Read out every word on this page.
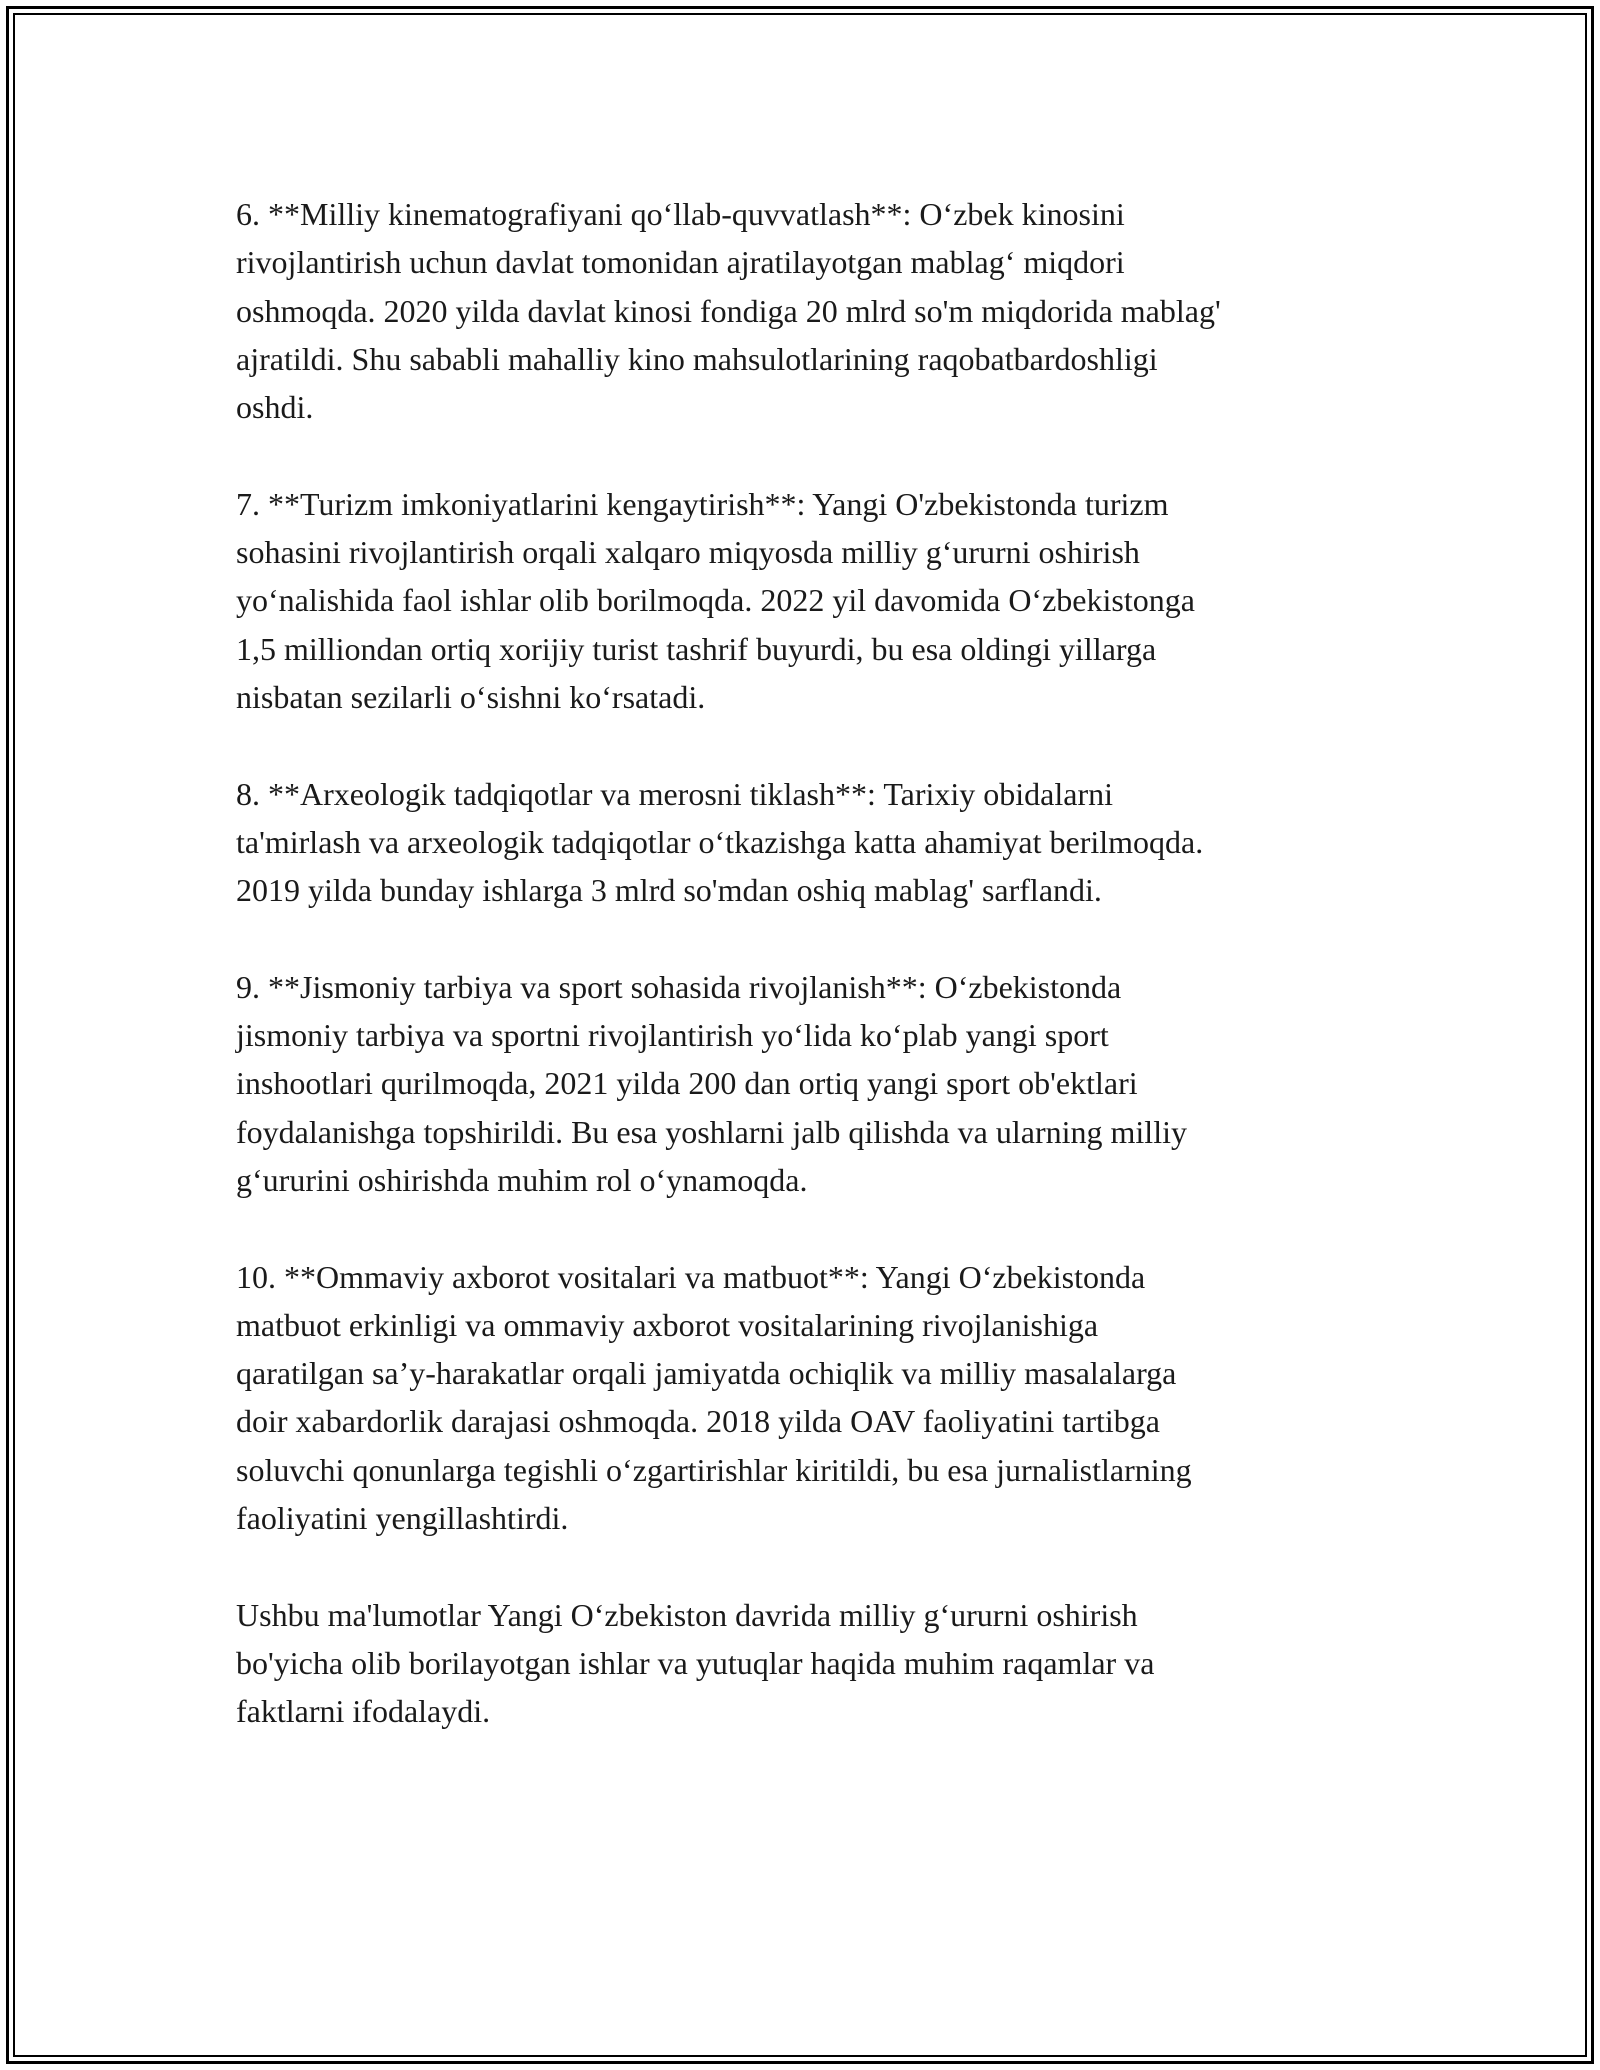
6. **Milliy kinematografiyani qo‘llab-quvvatlash**: O‘zbek kinosini
rivojlantirish uchun davlat tomonidan ajratilayotgan mablag‘ miqdori
oshmoqda. 2020 yilda davlat kinosi fondiga 20 mlrd so'm miqdorida mablag'
ajratildi. Shu sababli mahalliy kino mahsulotlarining raqobatbardoshligi
oshdi.

7. **Turizm imkoniyatlarini kengaytirish**: Yangi O'zbekistonda turizm
sohasini rivojlantirish orqali xalqaro miqyosda milliy g‘ururni oshirish
yo‘nalishida faol ishlar olib borilmoqda. 2022 yil davomida O‘zbekistonga
1,5 milliondan ortiq xorijiy turist tashrif buyurdi, bu esa oldingi yillarga
nisbatan sezilarli o‘sishni ko‘rsatadi.

8. **Arxeologik tadqiqotlar va merosni tiklash**: Tarixiy obidalarni
ta'mirlash va arxeologik tadqiqotlar o‘tkazishga katta ahamiyat berilmoqda.
2019 yilda bunday ishlarga 3 mlrd so'mdan oshiq mablag' sarflandi.

9. **Jismoniy tarbiya va sport sohasida rivojlanish**: O‘zbekistonda
jismoniy tarbiya va sportni rivojlantirish yo‘lida ko‘plab yangi sport
inshootlari qurilmoqda, 2021 yilda 200 dan ortiq yangi sport ob'ektlari
foydalanishga topshirildi. Bu esa yoshlarni jalb qilishda va ularning milliy
g‘ururini oshirishda muhim rol o‘ynamoqda.

10. **Ommaviy axborot vositalari va matbuot**: Yangi O‘zbekistonda
matbuot erkinligi va ommaviy axborot vositalarining rivojlanishiga
qaratilgan sa’y-harakatlar orqali jamiyatda ochiqlik va milliy masalalarga
doir xabardorlik darajasi oshmoqda. 2018 yilda OAV faoliyatini tartibga
soluvchi qonunlarga tegishli o‘zgartirishlar kiritildi, bu esa jurnalistlarning
faoliyatini yengillashtirdi.

Ushbu ma'lumotlar Yangi O‘zbekiston davrida milliy g‘ururni oshirish
bo'yicha olib borilayotgan ishlar va yutuqlar haqida muhim raqamlar va
faktlarni ifodalaydi.
